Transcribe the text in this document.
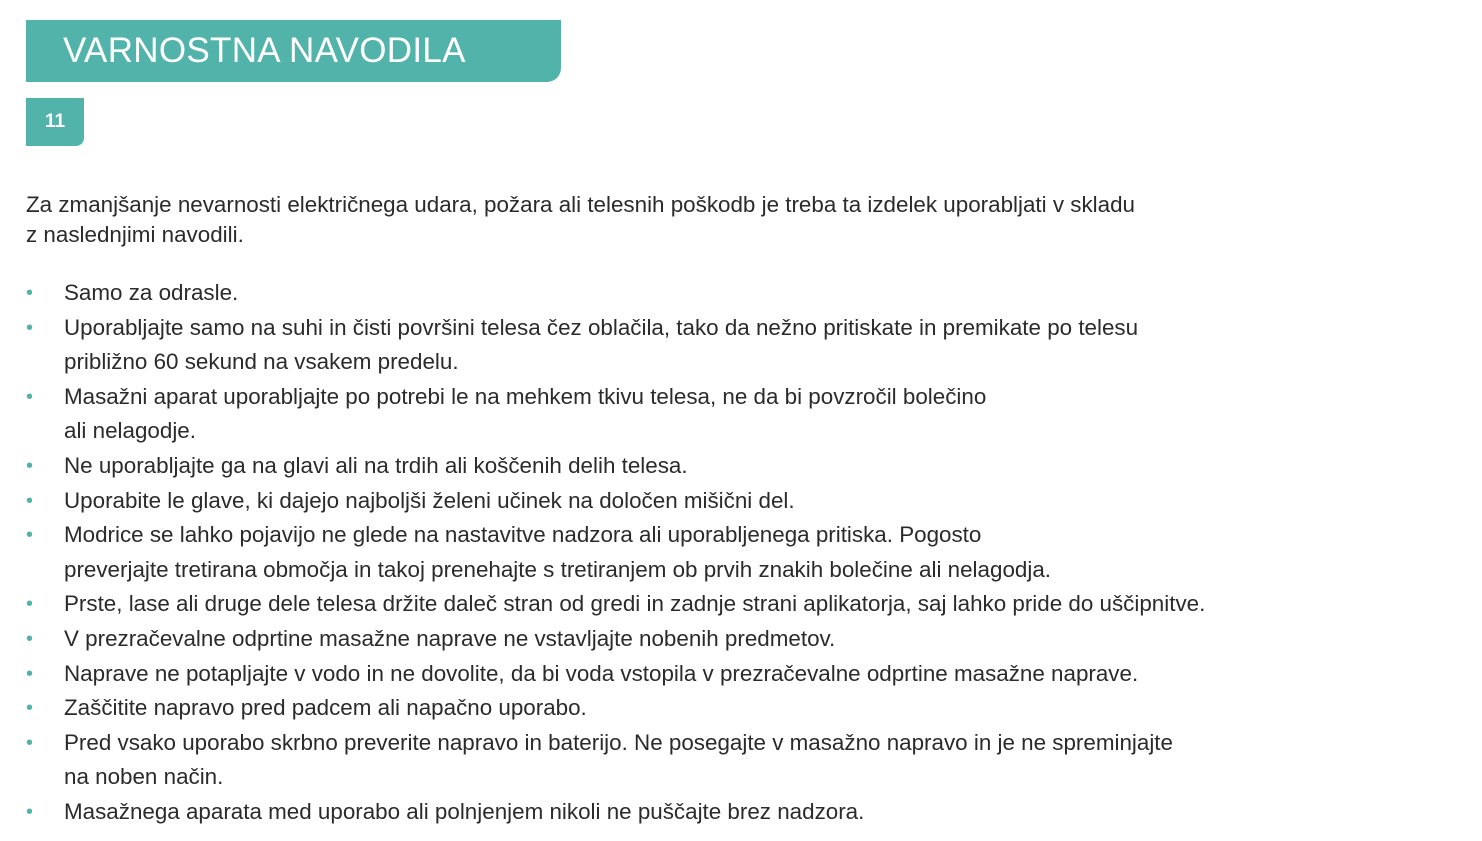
VARNOSTNA NAVODILA
11

Za zmanjšanje nevarnosti električnega udara, požara ali telesnih poškodb je treba ta izdelek uporabljati v skladu
z naslednjimi navodili.

• Samo za odrasle.
• Uporabljajte samo na suhi in čisti površini telesa čez oblačila, tako da nežno pritiskate in premikate po telesu
približno 60 sekund na vsakem predelu.
• Masažni aparat uporabljajte po potrebi le na mehkem tkivu telesa, ne da bi povzročil bolečino
ali nelagodje.
• Ne uporabljajte ga na glavi ali na trdih ali koščenih delih telesa.
• Uporabite le glave, ki dajejo najboljši želeni učinek na določen mišični del.
• Modrice se lahko pojavijo ne glede na nastavitve nadzora ali uporabljenega pritiska. Pogosto
preverjajte tretirana območja in takoj prenehajte s tretiranjem ob prvih znakih bolečine ali nelagodja.
• Prste, lase ali druge dele telesa držite daleč stran od gredi in zadnje strani aplikatorja, saj lahko pride do uščipnitve.
• V prezračevalne odprtine masažne naprave ne vstavljajte nobenih predmetov.
• Naprave ne potapljajte v vodo in ne dovolite, da bi voda vstopila v prezračevalne odprtine masažne naprave.
• Zaščitite napravo pred padcem ali napačno uporabo.
• Pred vsako uporabo skrbno preverite napravo in baterijo. Ne posegajte v masažno napravo in je ne spreminjajte
na noben način.
• Masažnega aparata med uporabo ali polnjenjem nikoli ne puščajte brez nadzora.
